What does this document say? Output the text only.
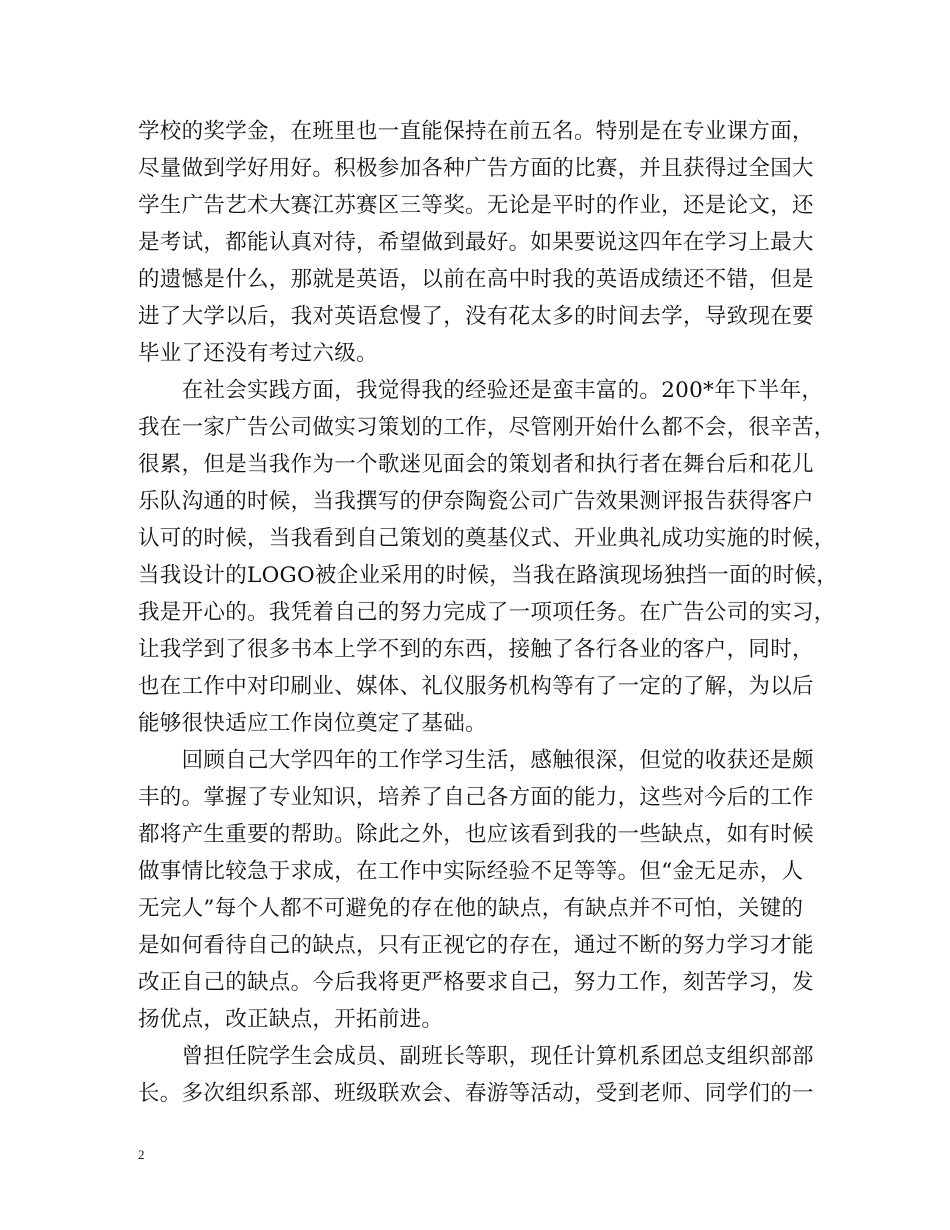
学校的奖学金，在班里也一直能保持在前五名。特别是在专业课方面，
尽量做到学好用好。积极参加各种广告方面的比赛，并且获得过全国大
学生广告艺术大赛江苏赛区三等奖。无论是平时的作业，还是论文，还
是考试，都能认真对待，希望做到最好。如果要说这四年在学习上最大
的遗憾是什么，那就是英语，以前在高中时我的英语成绩还不错，但是
进了大学以后，我对英语怠慢了，没有花太多的时间去学，导致现在要
毕业了还没有考过六级。
　　在社会实践方面，我觉得我的经验还是蛮丰富的。200*年下半年，
我在一家广告公司做实习策划的工作，尽管刚开始什么都不会，很辛苦，
很累，但是当我作为一个歌迷见面会的策划者和执行者在舞台后和花儿
乐队沟通的时候，当我撰写的伊奈陶瓷公司广告效果测评报告获得客户
认可的时候，当我看到自己策划的奠基仪式、开业典礼成功实施的时候，
当我设计的LOGO被企业采用的时候，当我在路演现场独挡一面的时候，
我是开心的。我凭着自己的努力完成了一项项任务。在广告公司的实习，
让我学到了很多书本上学不到的东西，接触了各行各业的客户，同时，
也在工作中对印刷业、媒体、礼仪服务机构等有了一定的了解，为以后
能够很快适应工作岗位奠定了基础。
　　回顾自己大学四年的工作学习生活，感触很深，但觉的收获还是颇
丰的。掌握了专业知识，培养了自己各方面的能力，这些对今后的工作
都将产生重要的帮助。除此之外，也应该看到我的一些缺点，如有时候
做事情比较急于求成，在工作中实际经验不足等等。但“金无足赤，人
无完人”每个人都不可避免的存在他的缺点，有缺点并不可怕，关键的
是如何看待自己的缺点，只有正视它的存在，通过不断的努力学习才能
改正自己的缺点。今后我将更严格要求自己，努力工作，刻苦学习，发
扬优点，改正缺点，开拓前进。
　　曾担任院学生会成员、副班长等职，现任计算机系团总支组织部部
长。多次组织系部、班级联欢会、春游等活动，受到老师、同学们的一
2
